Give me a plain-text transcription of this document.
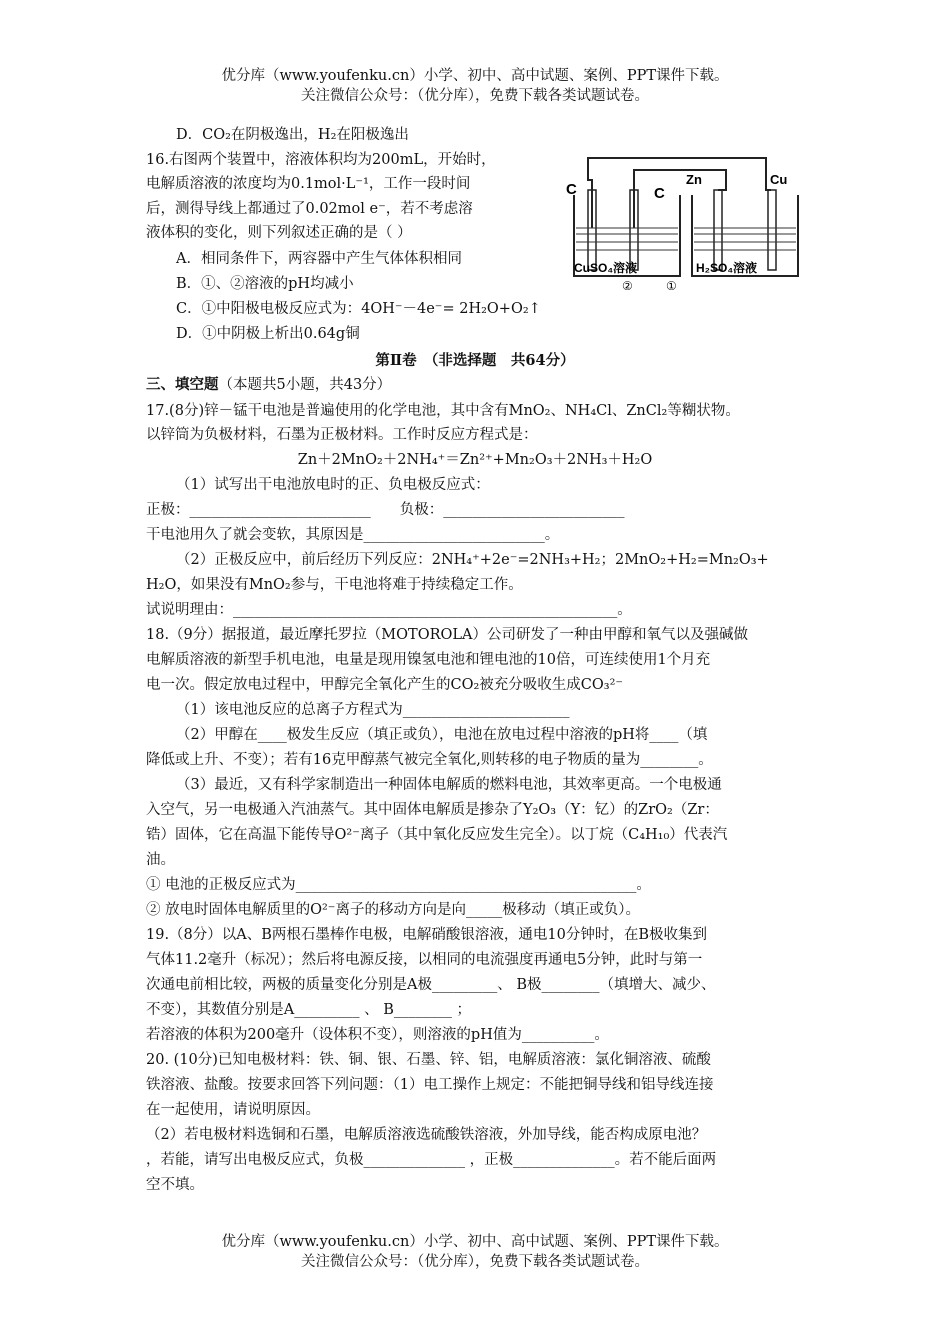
优分库（www.youfenku.cn）小学、初中、高中试题、案例、PPT课件下载。
关注微信公众号：（优分库），免费下载各类试题试卷。
D．CO₂在阴极逸出，H₂在阳极逸出
16.右图两个装置中，溶液体积均为200mL，开始时，
电解质溶液的浓度均为0.1mol·L⁻¹，工作一段时间
后，测得导线上都通过了0.02mol e⁻，若不考虑溶
液体积的变化，则下列叙述正确的是（ ）
A．相同条件下，两容器中产生气体体积相同
B．①、②溶液的pH均减小
C．①中阳极电极反应式为：4OH⁻－4e⁻= 2H₂O+O₂↑
D．①中阴极上析出0.64g铜
C	C
Zn	Cu
CuSO₄溶液	H₂SO₄溶液
①
②
第Ⅱ卷　（非选择题　共64分）
三、填空题（本题共5小题，共43分）
17.(8分)锌－锰干电池是普遍使用的化学电池，其中含有MnO₂、NH₄Cl、ZnCl₂等糊状物。
以锌筒为负极材料，石墨为正极材料。工作时反应方程式是：
Zn＋2MnO₂＋2NH₄⁺＝Zn²⁺+Mn₂O₃＋2NH₃＋H₂O
（1）试写出干电池放电时的正、负电极反应式：
正极：_________________________　　负极：_________________________
干电池用久了就会变软，其原因是_________________________。
（2）正极反应中，前后经历下列反应：2NH₄⁺+2e⁻=2NH₃+H₂；2MnO₂+H₂=Mn₂O₃+
H₂O，如果没有MnO₂参与，干电池将难于持续稳定工作。
试说明理由：_____________________________________________________。
18.（9分）据报道，最近摩托罗拉（MOTOROLA）公司研发了一种由甲醇和氧气以及强碱做
电解质溶液的新型手机电池，电量是现用镍氢电池和锂电池的10倍，可连续使用1个月充
电一次。假定放电过程中，甲醇完全氧化产生的CO₂被充分吸收生成CO₃²⁻
（1）该电池反应的总离子方程式为_______________________
（2）甲醇在____极发生反应（填正或负），电池在放电过程中溶液的pH将____（填
降低或上升、不变）；若有16克甲醇蒸气被完全氧化,则转移的电子物质的量为________。
（3）最近，又有科学家制造出一种固体电解质的燃料电池，其效率更高。一个电极通
入空气，另一电极通入汽油蒸气。其中固体电解质是掺杂了Y₂O₃（Y：钇）的ZrO₂（Zr：
锆）固体，它在高温下能传导O²⁻离子（其中氧化反应发生完全）。以丁烷（C₄H₁₀）代表汽
油。
① 电池的正极反应式为_______________________________________________。
② 放电时固体电解质里的O²⁻离子的移动方向是向_____极移动（填正或负）。
19.（8分）以A、B两根石墨棒作电极，电解硝酸银溶液，通电10分钟时，在B极收集到
气体11.2毫升（标况）；然后将电源反接，以相同的电流强度再通电5分钟，此时与第一
次通电前相比较，两极的质量变化分别是A极_________、 B极________（填增大、减少、
不变），其数值分别是A_________ 、 B________ ；
若溶液的体积为200毫升（设体积不变），则溶液的pH值为__________。
20. (10分)已知电极材料：铁、铜、银、石墨、锌、铝，电解质溶液：氯化铜溶液、硫酸
铁溶液、盐酸。按要求回答下列问题：（1）电工操作上规定：不能把铜导线和铝导线连接
在一起使用，请说明原因。
（2）若电极材料选铜和石墨，电解质溶液选硫酸铁溶液，外加导线，能否构成原电池？
，若能，请写出电极反应式，负极______________ ，正极______________。若不能后面两
空不填。
优分库（www.youfenku.cn）小学、初中、高中试题、案例、PPT课件下载。
关注微信公众号：（优分库），免费下载各类试题试卷。
